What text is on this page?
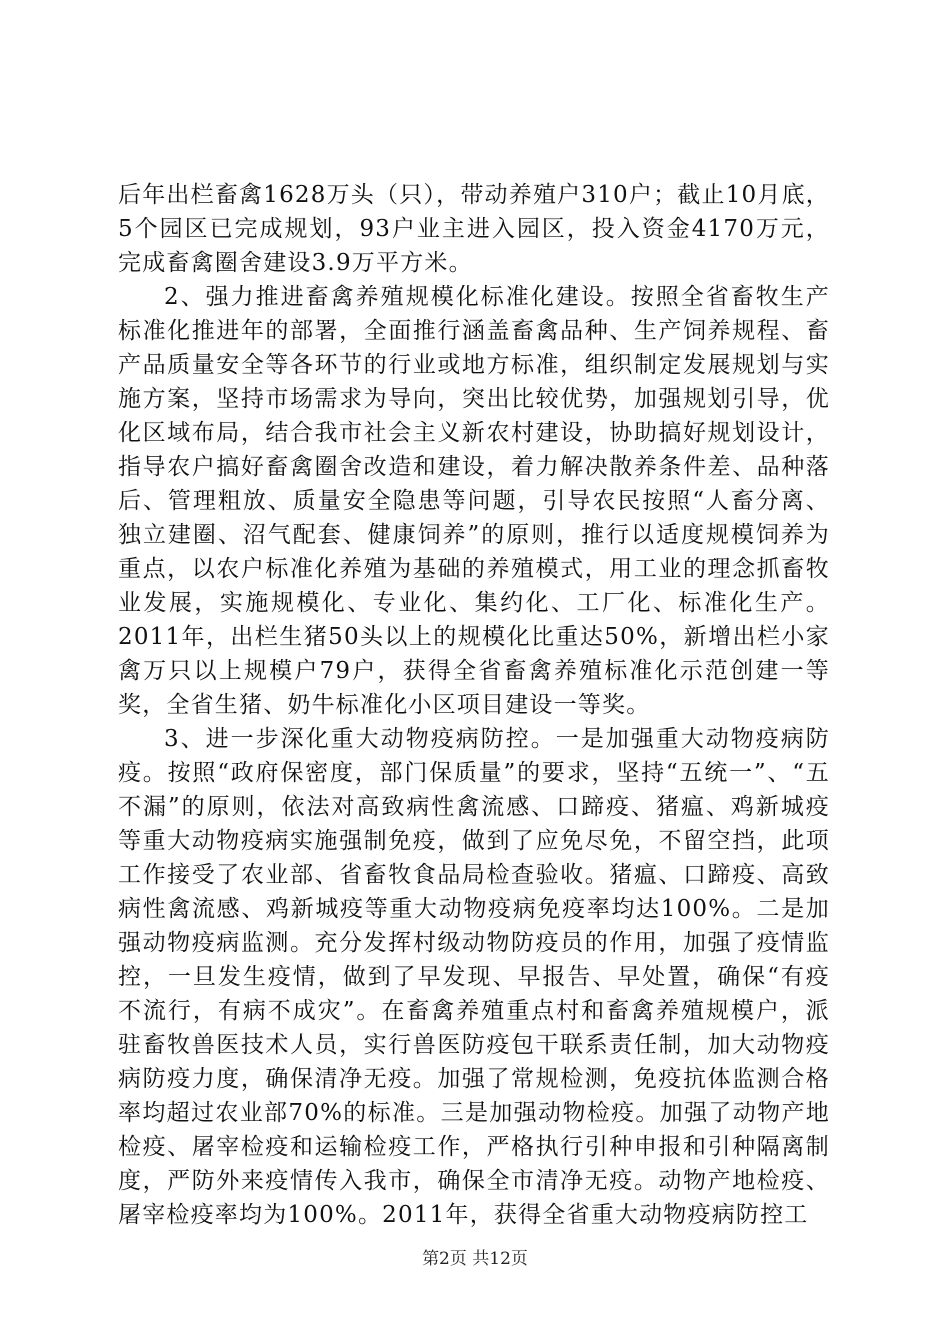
后年出栏畜禽1628万头（只），带动养殖户310户；截止10月底，5个园区已完成规划，93户业主进入园区，投入资金4170万元，完成畜禽圈舍建设3.9万平方米。

2、强力推进畜禽养殖规模化标准化建设。按照全省畜牧生产标准化推进年的部署，全面推行涵盖畜禽品种、生产饲养规程、畜产品质量安全等各环节的行业或地方标准，组织制定发展规划与实施方案，坚持市场需求为导向，突出比较优势，加强规划引导，优化区域布局，结合我市社会主义新农村建设，协助搞好规划设计，指导农户搞好畜禽圈舍改造和建设，着力解决散养条件差、品种落后、管理粗放、质量安全隐患等问题，引导农民按照“人畜分离、独立建圈、沼气配套、健康饲养”的原则，推行以适度规模饲养为重点，以农户标准化养殖为基础的养殖模式，用工业的理念抓畜牧业发展，实施规模化、专业化、集约化、工厂化、标准化生产。2011年，出栏生猪50头以上的规模化比重达50%，新增出栏小家禽万只以上规模户79户，获得全省畜禽养殖标准化示范创建一等奖，全省生猪、奶牛标准化小区项目建设一等奖。

3、进一步深化重大动物疫病防控。一是加强重大动物疫病防疫。按照“政府保密度，部门保质量”的要求，坚持“五统一”、“五不漏”的原则，依法对高致病性禽流感、口蹄疫、猪瘟、鸡新城疫等重大动物疫病实施强制免疫，做到了应免尽免，不留空挡，此项工作接受了农业部、省畜牧食品局检查验收。猪瘟、口蹄疫、高致病性禽流感、鸡新城疫等重大动物疫病免疫率均达100%。二是加强动物疫病监测。充分发挥村级动物防疫员的作用，加强了疫情监控，一旦发生疫情，做到了早发现、早报告、早处置，确保“有疫不流行，有病不成灾”。在畜禽养殖重点村和畜禽养殖规模户，派驻畜牧兽医技术人员，实行兽医防疫包干联系责任制，加大动物疫病防疫力度，确保清净无疫。加强了常规检测，免疫抗体监测合格率均超过农业部70%的标准。三是加强动物检疫。加强了动物产地检疫、屠宰检疫和运输检疫工作，严格执行引种申报和引种隔离制度，严防外来疫情传入我市，确保全市清净无疫。动物产地检疫、屠宰检疫率均为100%。2011年，获得全省重大动物疫病防控工

第2页 共12页
